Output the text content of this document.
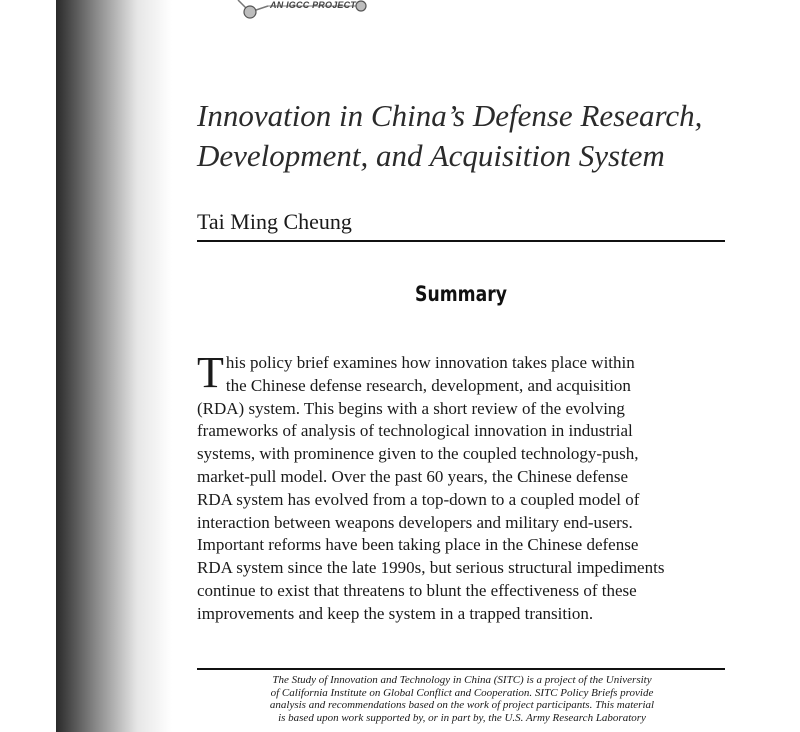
AN IGCC PROJECT
Innovation in China’s Defense Research,
Development, and Acquisition System
Tai Ming Cheung
Summary
T his policy brief examines how innovation takes place within
the Chinese defense research, development, and acquisition
(RDA) system. This begins with a short review of the evolving
frameworks of analysis of technological innovation in industrial
systems, with prominence given to the coupled technology-push,
market-pull model. Over the past 60 years, the Chinese defense
RDA system has evolved from a top-down to a coupled model of
interaction between weapons developers and military end-users.
Important reforms have been taking place in the Chinese defense
RDA system since the late 1990s, but serious structural impediments
continue to exist that threatens to blunt the effectiveness of these
improvements and keep the system in a trapped transition.
The Study of Innovation and Technology in China (SITC) is a project of the University
of California Institute on Global Conflict and Cooperation. SITC Policy Briefs provide
analysis and recommendations based on the work of project participants. This material
is based upon work supported by, or in part by, the U.S. Army Research Laboratory
